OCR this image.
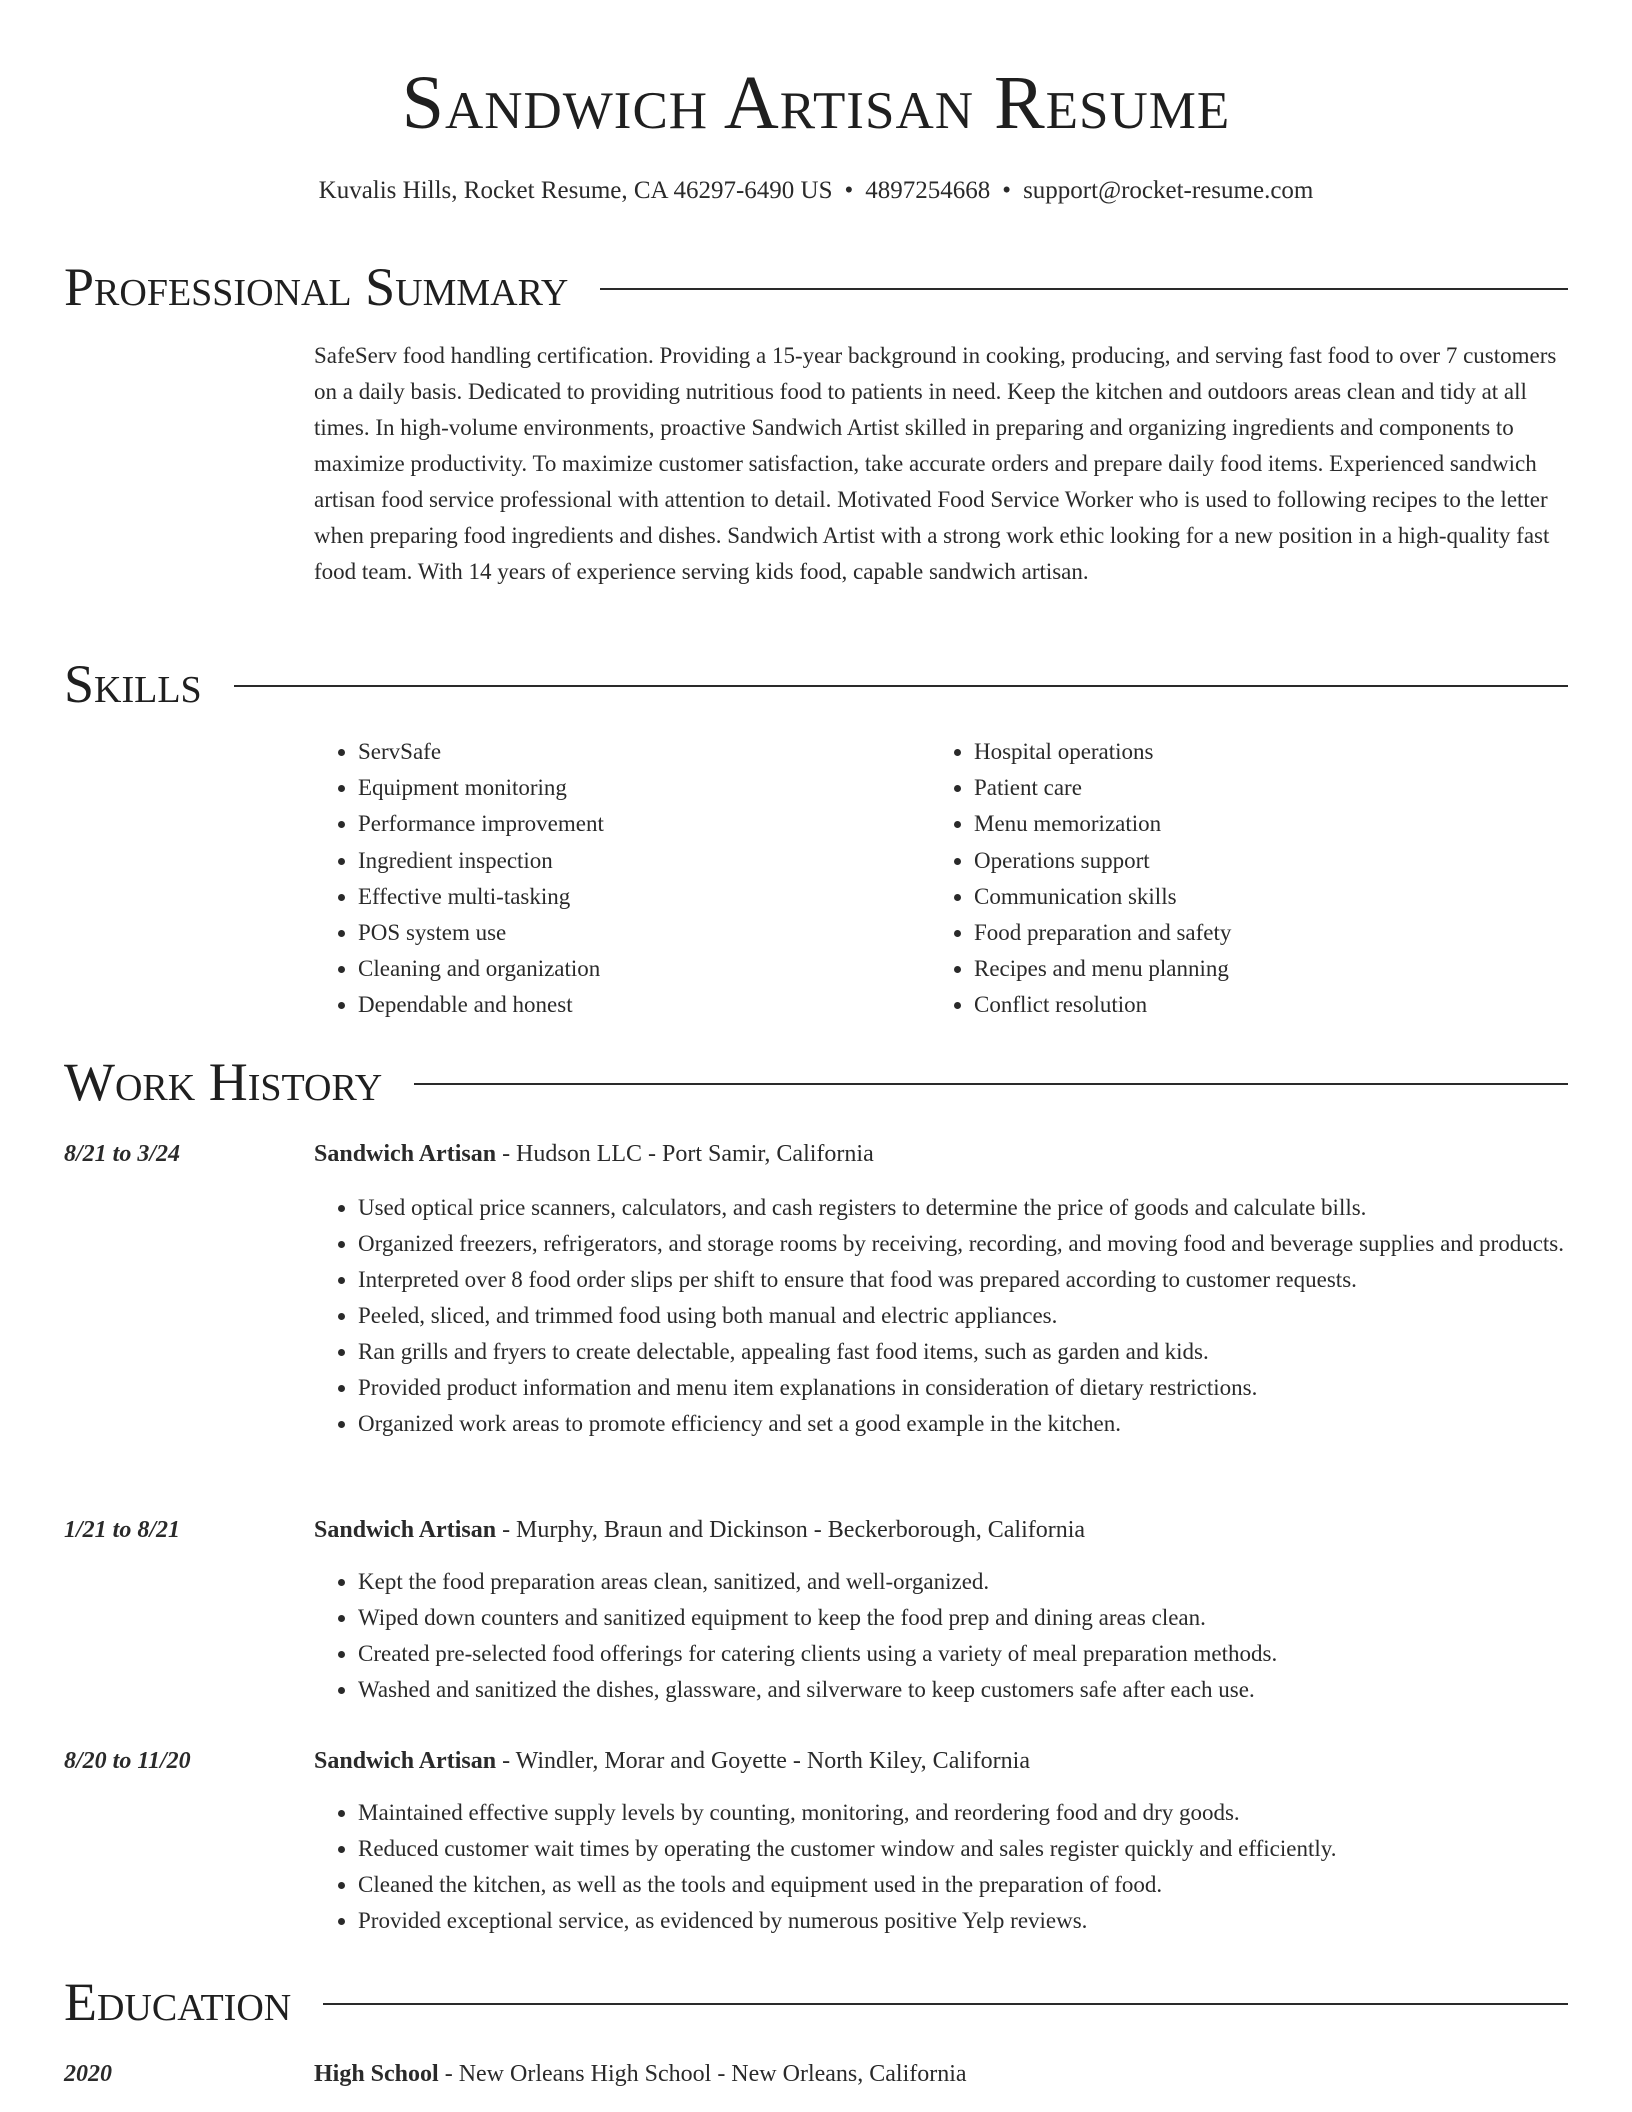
Sandwich Artisan Resume
Kuvalis Hills, Rocket Resume, CA 46297-6490 US • 4897254668 • support@rocket-resume.com
Professional Summary

SafeServ food handling certification. Providing a 15-year background in cooking, producing, and serving fast food to over 7 customers on a daily basis. Dedicated to providing nutritious food to patients in need. Keep the kitchen and outdoors areas clean and tidy at all times. In high-volume environments, proactive Sandwich Artist skilled in preparing and organizing ingredients and components to maximize productivity. To maximize customer satisfaction, take accurate orders and prepare daily food items. Experienced sandwich artisan food service professional with attention to detail. Motivated Food Service Worker who is used to following recipes to the letter when preparing food ingredients and dishes. Sandwich Artist with a strong work ethic looking for a new position in a high-quality fast food team. With 14 years of experience serving kids food, capable sandwich artisan.

Skills
• ServSafe
• Equipment monitoring
• Performance improvement
• Ingredient inspection
• Effective multi-tasking
• POS system use
• Cleaning and organization
• Dependable and honest
• Hospital operations
• Patient care
• Menu memorization
• Operations support
• Communication skills
• Food preparation and safety
• Recipes and menu planning
• Conflict resolution
Work History
8/21 to 3/24	Sandwich Artisan - Hudson LLC - Port Samir, California
• Used optical price scanners, calculators, and cash registers to determine the price of goods and calculate bills.
• Organized freezers, refrigerators, and storage rooms by receiving, recording, and moving food and beverage supplies and products.
• Interpreted over 8 food order slips per shift to ensure that food was prepared according to customer requests.
• Peeled, sliced, and trimmed food using both manual and electric appliances.
• Ran grills and fryers to create delectable, appealing fast food items, such as garden and kids.
• Provided product information and menu item explanations in consideration of dietary restrictions.
• Organized work areas to promote efficiency and set a good example in the kitchen.
1/21 to 8/21	Sandwich Artisan - Murphy, Braun and Dickinson - Beckerborough, California
• Kept the food preparation areas clean, sanitized, and well-organized.
• Wiped down counters and sanitized equipment to keep the food prep and dining areas clean.
• Created pre-selected food offerings for catering clients using a variety of meal preparation methods.
• Washed and sanitized the dishes, glassware, and silverware to keep customers safe after each use.
8/20 to 11/20	Sandwich Artisan - Windler, Morar and Goyette - North Kiley, California
• Maintained effective supply levels by counting, monitoring, and reordering food and dry goods.
• Reduced customer wait times by operating the customer window and sales register quickly and efficiently.
• Cleaned the kitchen, as well as the tools and equipment used in the preparation of food.
• Provided exceptional service, as evidenced by numerous positive Yelp reviews.
Education
2020	High School - New Orleans High School - New Orleans, California
